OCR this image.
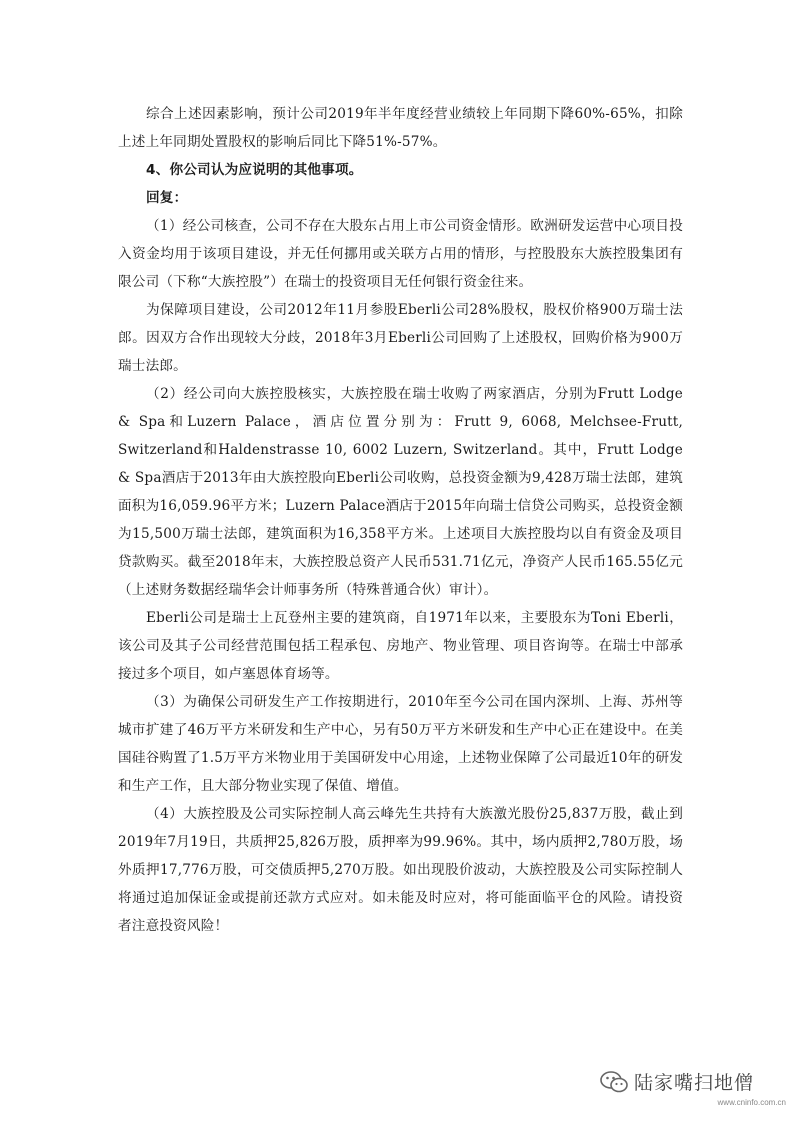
综合上述因素影响，预计公司2019年半年度经营业绩较上年同期下降60%-65%，扣除上述上年同期处置股权的影响后同比下降51%-57%。

4、你公司认为应说明的其他事项。

回复：

（1）经公司核查，公司不存在大股东占用上市公司资金情形。欧洲研发运营中心项目投入资金均用于该项目建设，并无任何挪用或关联方占用的情形，与控股股东大族控股集团有限公司（下称“大族控股”）在瑞士的投资项目无任何银行资金往来。

为保障项目建设，公司2012年11月参股Eberli公司28%股权，股权价格900万瑞士法郎。因双方合作出现较大分歧，2018年3月Eberli公司回购了上述股权，回购价格为900万瑞士法郎。

（2）经公司向大族控股核实，大族控股在瑞士收购了两家酒店，分别为Frutt Lodge & Spa和Luzern Palace，酒店位置分别为：Frutt 9, 6068, Melchsee-Frutt, Switzerland和Haldenstrasse 10, 6002 Luzern, Switzerland。其中，Frutt Lodge & Spa酒店于2013年由大族控股向Eberli公司收购，总投资金额为9,428万瑞士法郎，建筑面积为16,059.96平方米；Luzern Palace酒店于2015年向瑞士信贷公司购买，总投资金额为15,500万瑞士法郎，建筑面积为16,358平方米。上述项目大族控股均以自有资金及项目贷款购买。截至2018年末，大族控股总资产人民币531.71亿元，净资产人民币165.55亿元（上述财务数据经瑞华会计师事务所（特殊普通合伙）审计）。

Eberli公司是瑞士上瓦登州主要的建筑商，自1971年以来，主要股东为Toni Eberli，该公司及其子公司经营范围包括工程承包、房地产、物业管理、项目咨询等。在瑞士中部承接过多个项目，如卢塞恩体育场等。

（3）为确保公司研发生产工作按期进行，2010年至今公司在国内深圳、上海、苏州等城市扩建了46万平方米研发和生产中心，另有50万平方米研发和生产中心正在建设中。在美国硅谷购置了1.5万平方米物业用于美国研发中心用途，上述物业保障了公司最近10年的研发和生产工作，且大部分物业实现了保值、增值。

（4）大族控股及公司实际控制人高云峰先生共持有大族激光股份25,837万股，截止到2019年7月19日，共质押25,826万股，质押率为99.96%。其中，场内质押2,780万股，场外质押17,776万股，可交债质押5,270万股。如出现股价波动，大族控股及公司实际控制人将通过追加保证金或提前还款方式应对。如未能及时应对，将可能面临平仓的风险。请投资者注意投资风险！

陆家嘴扫地僧
www.cninfo.com.cn
